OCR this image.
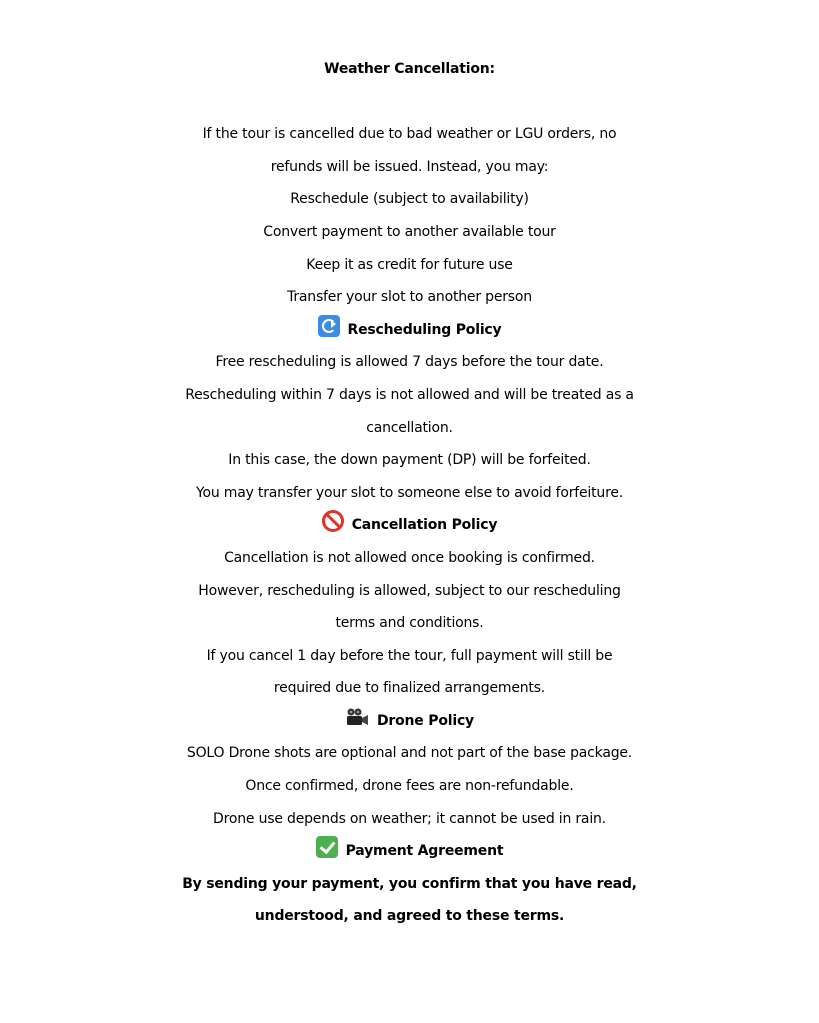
Weather Cancellation:
If the tour is cancelled due to bad weather or LGU orders, no
refunds will be issued. Instead, you may:
Reschedule (subject to availability)
Convert payment to another available tour
Keep it as credit for future use
Transfer your slot to another person
Rescheduling Policy
Free rescheduling is allowed 7 days before the tour date.
Rescheduling within 7 days is not allowed and will be treated as a
cancellation.
In this case, the down payment (DP) will be forfeited.
You may transfer your slot to someone else to avoid forfeiture.
Cancellation Policy
Cancellation is not allowed once booking is confirmed.
However, rescheduling is allowed, subject to our rescheduling
terms and conditions.
If you cancel 1 day before the tour, full payment will still be
required due to finalized arrangements.
Drone Policy
SOLO Drone shots are optional and not part of the base package.
Once confirmed, drone fees are non-refundable.
Drone use depends on weather; it cannot be used in rain.
Payment Agreement
By sending your payment, you confirm that you have read,
understood, and agreed to these terms.
